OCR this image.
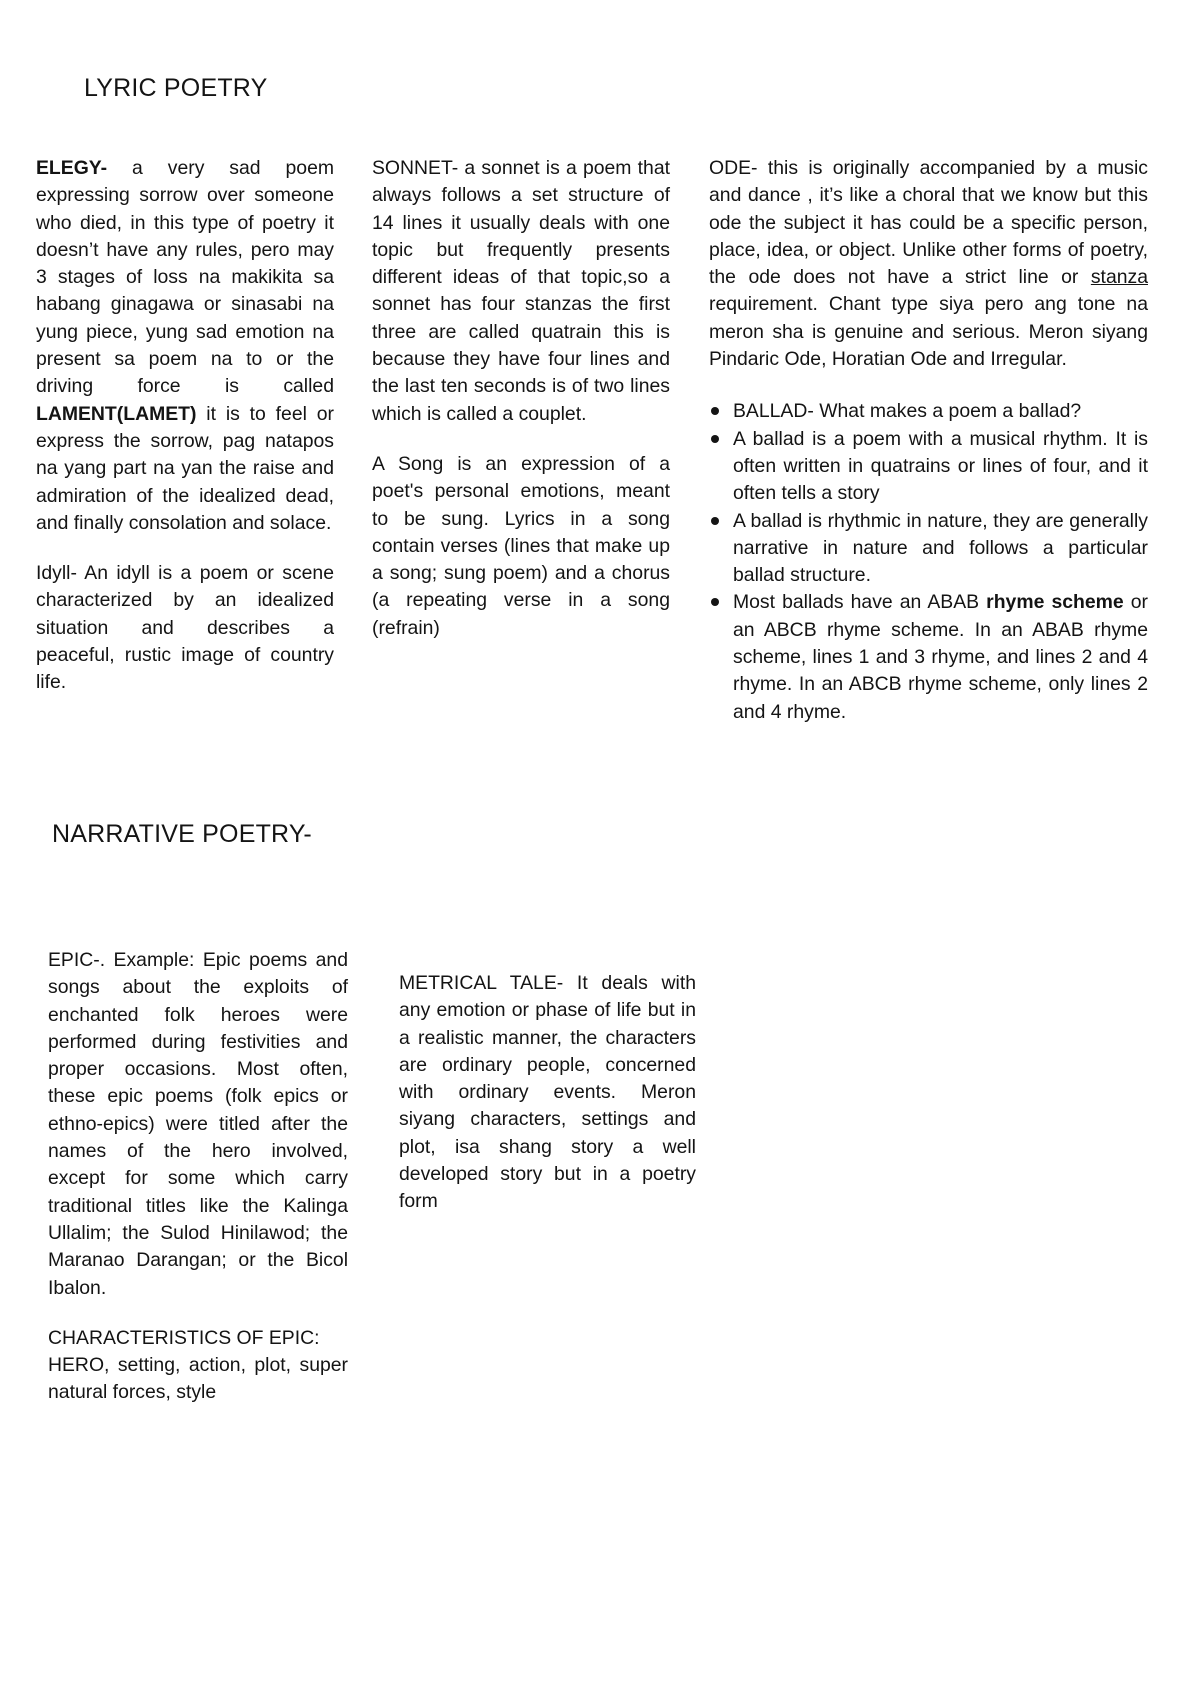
LYRIC POETRY

ELEGY- a very sad poem expressing sorrow over someone who died, in this type of poetry it doesn’t have any rules, pero may 3 stages of loss na makikita sa habang ginagawa or sinasabi na yung piece, yung sad emotion na present sa poem na to or the driving force is called LAMENT(LAMET) it is to feel or express the sorrow, pag natapos na yang part na yan the raise and admiration of the idealized dead, and finally consolation and solace.

Idyll- An idyll is a poem or scene characterized by an idealized situation and describes a peaceful, rustic image of country life.

SONNET- a sonnet is a poem that always follows a set structure of 14 lines it usually deals with one topic but frequently presents different ideas of that topic,so a sonnet has four stanzas the first three are called quatrain this is because they have four lines and the last ten seconds is of two lines which is called a couplet.

A Song is an expression of a poet's personal emotions, meant to be sung. Lyrics in a song contain verses (lines that make up a song; sung poem) and a chorus (a repeating verse in a song (refrain)

ODE- this is originally accompanied by a music and dance , it’s like a choral that we know but this ode the subject it has could be a specific person, place, idea, or object. Unlike other forms of poetry, the ode does not have a strict line or stanza requirement. Chant type siya pero ang tone na meron sha is genuine and serious. Meron siyang Pindaric Ode, Horatian Ode and Irregular.

BALLAD- What makes a poem a ballad?
A ballad is a poem with a musical rhythm. It is often written in quatrains or lines of four, and it often tells a story
A ballad is rhythmic in nature, they are generally narrative in nature and follows a particular ballad structure.
Most ballads have an ABAB rhyme scheme or an ABCB rhyme scheme. In an ABAB rhyme scheme, lines 1 and 3 rhyme, and lines 2 and 4 rhyme. In an ABCB rhyme scheme, only lines 2 and 4 rhyme.
NARRATIVE POETRY-

EPIC-. Example: Epic poems and songs about the exploits of enchanted folk heroes were performed during festivities and proper occasions. Most often, these epic poems (folk epics or ethno-epics) were titled after the names of the hero involved, except for some which carry traditional titles like the Kalinga Ullalim; the Sulod Hinilawod; the Maranao Darangan; or the Bicol Ibalon.

CHARACTERISTICS OF EPIC:
HERO, setting, action, plot, super natural forces, style

METRICAL TALE- It deals with any emotion or phase of life but in a realistic manner, the characters are ordinary people, concerned with ordinary events. Meron siyang characters, settings and plot, isa shang story a well developed story but in a poetry form
